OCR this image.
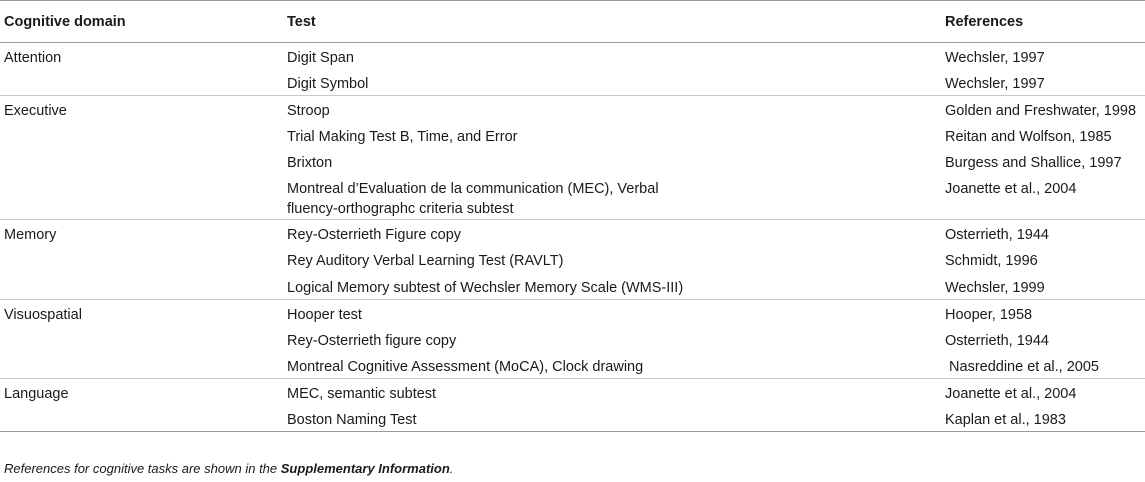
Cognitive domain	Test	References
Attention	Digit Span	Wechsler, 1997
	Digit Symbol	Wechsler, 1997
Executive	Stroop	Golden and Freshwater, 1998
	Trial Making Test B, Time, and Error	Reitan and Wolfson, 1985
	Brixton	Burgess and Shallice, 1997
	Montreal d’Evaluation de la communication (MEC), Verbal fluency-orthographc criteria subtest	Joanette et al., 2004
Memory	Rey-Osterrieth Figure copy	Osterrieth, 1944
	Rey Auditory Verbal Learning Test (RAVLT)	Schmidt, 1996
	Logical Memory subtest of Wechsler Memory Scale (WMS-III)	Wechsler, 1999
Visuospatial	Hooper test	Hooper, 1958
	Rey-Osterrieth figure copy	Osterrieth, 1944
	Montreal Cognitive Assessment (MoCA), Clock drawing	Nasreddine et al., 2005
Language	MEC, semantic subtest	Joanette et al., 2004
	Boston Naming Test	Kaplan et al., 1983
References for cognitive tasks are shown in the Supplementary Information.
